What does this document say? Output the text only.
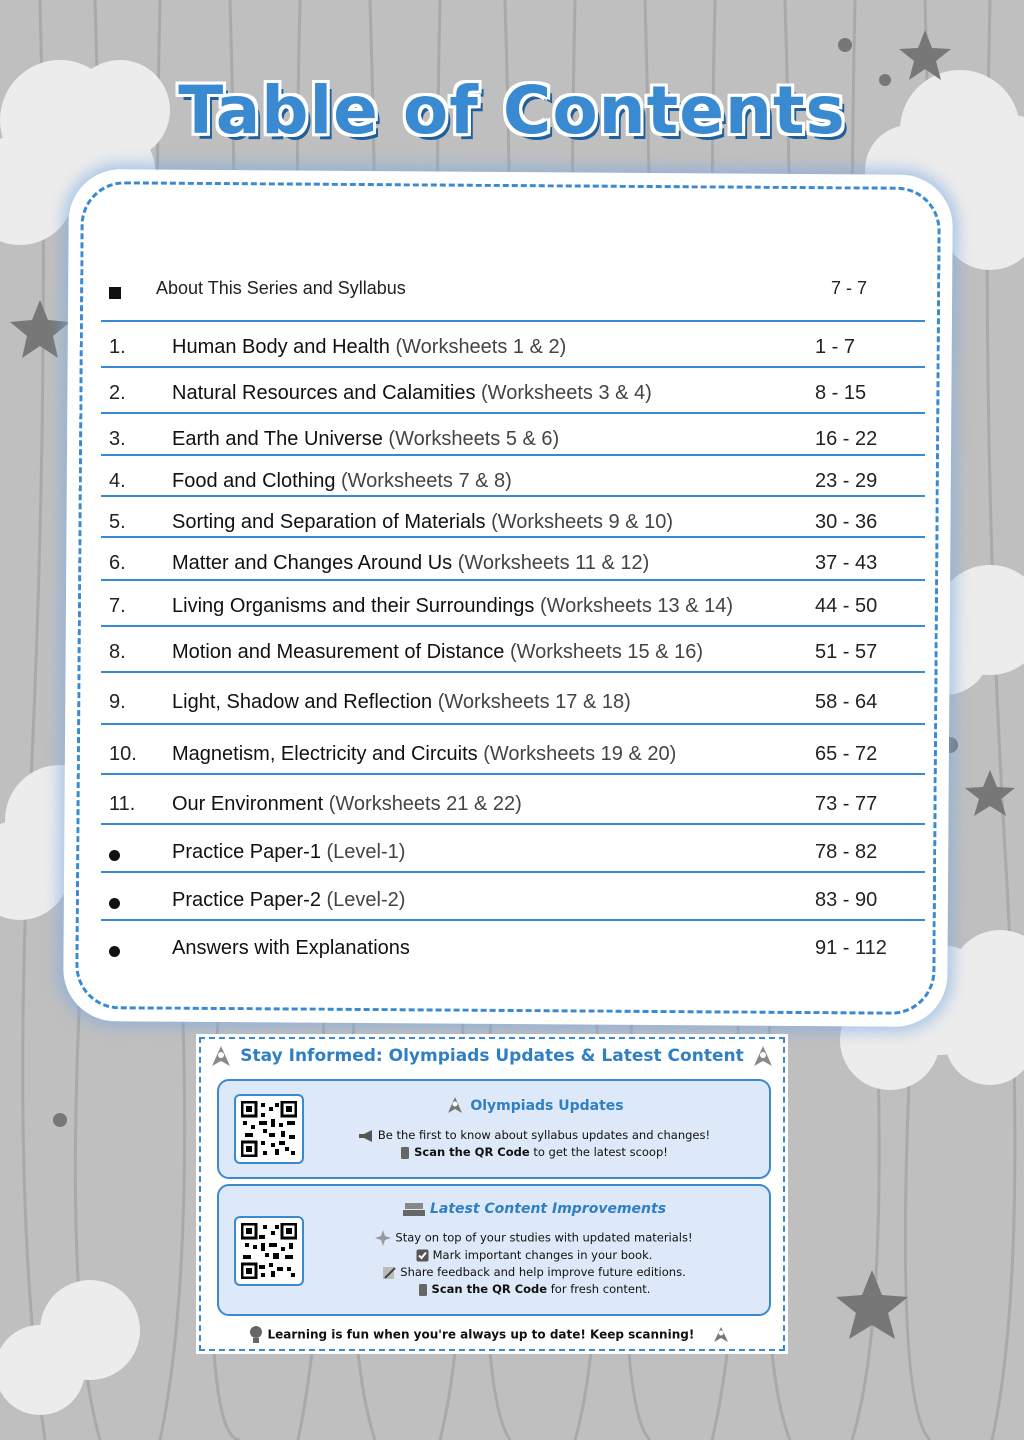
Table of Contents
About This Series and Syllabus	7 - 7
1. Human Body and Health (Worksheets 1 & 2)	1 - 7
2. Natural Resources and Calamities (Worksheets 3 & 4)	8 - 15
3. Earth and The Universe (Worksheets 5 & 6)	16 - 22
4. Food and Clothing (Worksheets 7 & 8)	23 - 29
5. Sorting and Separation of Materials (Worksheets 9 & 10)	30 - 36
6. Matter and Changes Around Us (Worksheets 11 & 12)	37 - 43
7. Living Organisms and their Surroundings (Worksheets 13 & 14)	44 - 50
8. Motion and Measurement of Distance (Worksheets 15 & 16)	51 - 57
9. Light, Shadow and Reflection (Worksheets 17 & 18)	58 - 64
10. Magnetism, Electricity and Circuits (Worksheets 19 & 20)	65 - 72
11. Our Environment (Worksheets 21 & 22)	73 - 77
Practice Paper-1 (Level-1)	78 - 82
Practice Paper-2 (Level-2)	83 - 90
Answers with Explanations	91 - 112
Stay Informed: Olympiads Updates & Latest Content
Olympiads Updates
Be the first to know about syllabus updates and changes!
Scan the QR Code to get the latest scoop!
Latest Content Improvements
Stay on top of your studies with updated materials!
Mark important changes in your book.
Share feedback and help improve future editions.
Scan the QR Code for fresh content.
Learning is fun when you're always up to date! Keep scanning!
